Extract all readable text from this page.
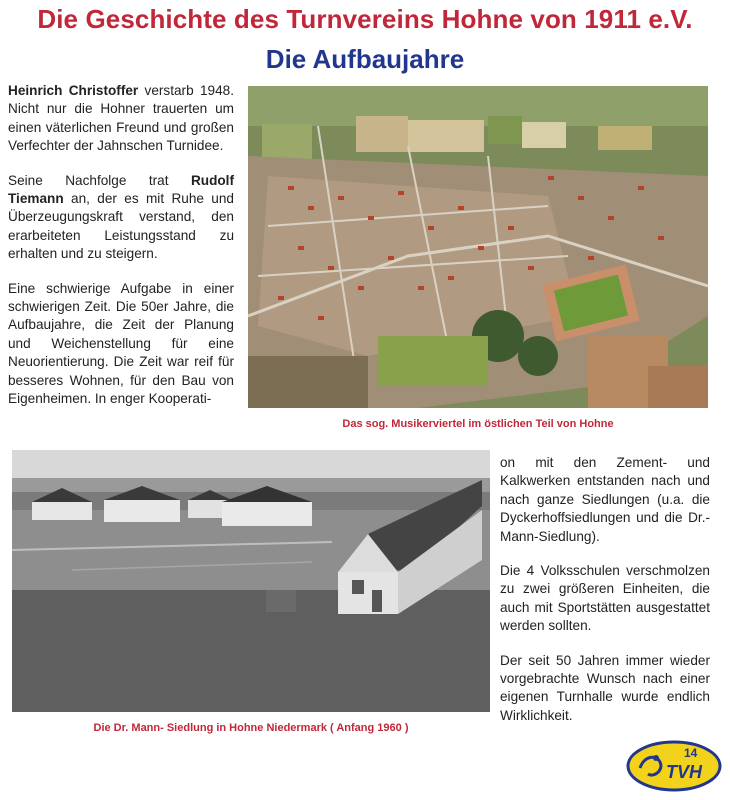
Die Geschichte des Turnvereins Hohne von 1911 e.V.
Die Aufbaujahre

Heinrich Christoffer verstarb 1948. Nicht nur die Hohner trauerten um einen väterlichen Freund und großen Verfechter der Jahnschen Turnidee.

Seine Nachfolge trat Rudolf Tiemann an, der es mit Ruhe und Überzeugungskraft verstand, den erarbeiteten Leistungsstand zu erhalten und zu steigern.

Eine schwierige Aufgabe in einer schwierigen Zeit. Die 50er Jahre, die Aufbaujahre, die Zeit der Planung und Weichenstellung für eine Neuorientierung. Die Zeit war reif für besseres Wohnen, für den Bau von Eigenheimen. In enger Kooperati-

Das sog. Musikerviertel im östlichen Teil von Hohne
Die Dr. Mann- Siedlung in Hohne Niedermark ( Anfang 1960 )

on mit den Zement- und Kalkwerken entstanden nach und nach ganze Siedlungen (u.a. die Dyckerhoffsiedlungen und die Dr.-Mann-Siedlung).

Die 4 Volksschulen verschmolzen zu zwei größeren Einheiten, die auch mit Sportstätten ausgestattet werden sollten.

Der seit 50 Jahren immer wieder vorgebrachte Wunsch nach einer eigenen Turnhalle wurde endlich Wirklichkeit.

14
TVH
